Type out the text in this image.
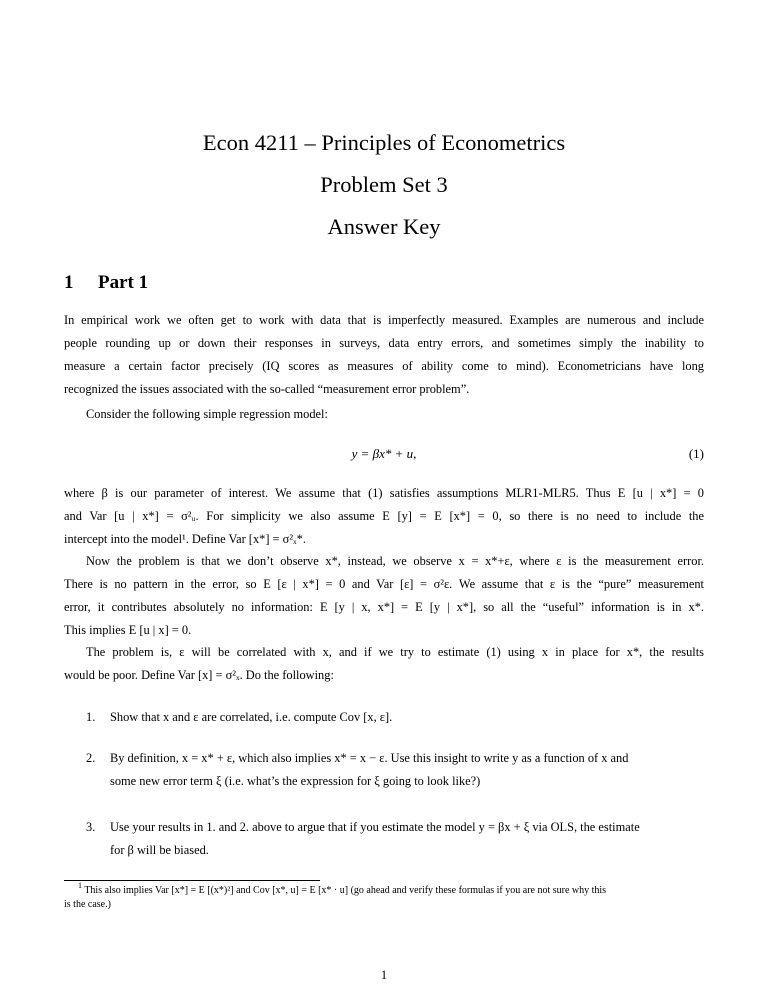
Econ 4211 – Principles of Econometrics
Problem Set 3
Answer Key
1 Part 1
In empirical work we often get to work with data that is imperfectly measured. Examples are numerous and include
people rounding up or down their responses in surveys, data entry errors, and sometimes simply the inability to
measure a certain factor precisely (IQ scores as measures of ability come to mind). Econometricians have long
recognized the issues associated with the so-called “measurement error problem”.
Consider the following simple regression model:
y = βx* + u,	(1)
where β is our parameter of interest. We assume that (1) satisfies assumptions MLR1-MLR5. Thus E [u | x*] = 0
and Var [u | x*] = σ²ᵤ. For simplicity we also assume E [y] = E [x*] = 0, so there is no need to include the
intercept into the model¹. Define Var [x*] = σ²ₓ*.
Now the problem is that we don’t observe x*, instead, we observe x = x*+ε, where ε is the measurement error.
There is no pattern in the error, so E [ε | x*] = 0 and Var [ε] = σ²ε. We assume that ε is the “pure” measurement
error, it contributes absolutely no information: E [y | x, x*] = E [y | x*], so all the “useful” information is in x*.
This implies E [u | x] = 0.
The problem is, ε will be correlated with x, and if we try to estimate (1) using x in place for x*, the results
would be poor. Define Var [x] = σ²ₓ. Do the following:
1. Show that x and ε are correlated, i.e. compute Cov [x, ε].
2. By definition, x = x* + ε, which also implies x* = x − ε. Use this insight to write y as a function of x and
some new error term ξ (i.e. what’s the expression for ξ going to look like?)
3. Use your results in 1. and 2. above to argue that if you estimate the model y = βx + ξ via OLS, the estimate
for β will be biased.
$^1$ This also implies Var [x*] = E [(x*)²] and Cov [x*, u] = E [x* · u] (go ahead and verify these formulas if you are not sure why this
is the case.)
1
